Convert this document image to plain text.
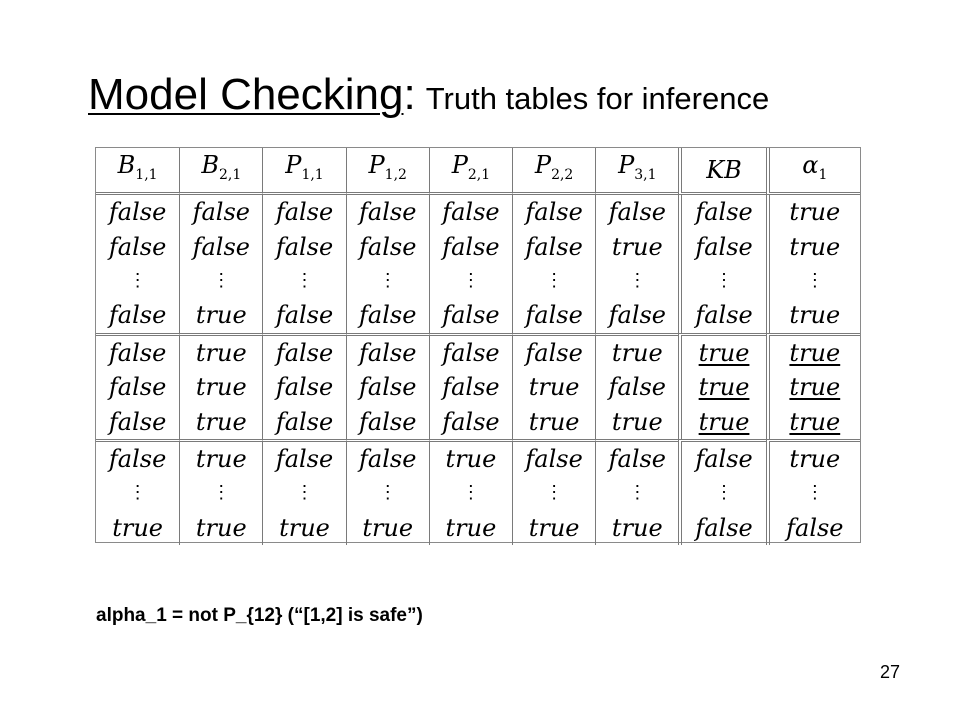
Model Checking: Truth tables for inference
$B_{1,1}$	$B_{2,1}$	$P_{1,1}$	$P_{1,2}$	$P_{2,1}$	$P_{2,2}$	$P_{3,1}$	KB	$\alpha_1$
false	false	false	false	false	false	false	false	true
false	false	false	false	false	false	true	false	true
⋮	⋮	⋮	⋮	⋮	⋮	⋮	⋮	⋮
false	true	false	false	false	false	false	false	true
false	true	false	false	false	false	true	true	true
false	true	false	false	false	true	false	true	true
false	true	false	false	false	true	true	true	true
false	true	false	false	true	false	false	false	true
⋮	⋮	⋮	⋮	⋮	⋮	⋮	⋮	⋮
true	true	true	true	true	true	true	false	false
alpha_1 = not P_{12} (“[1,2] is safe”)
27
